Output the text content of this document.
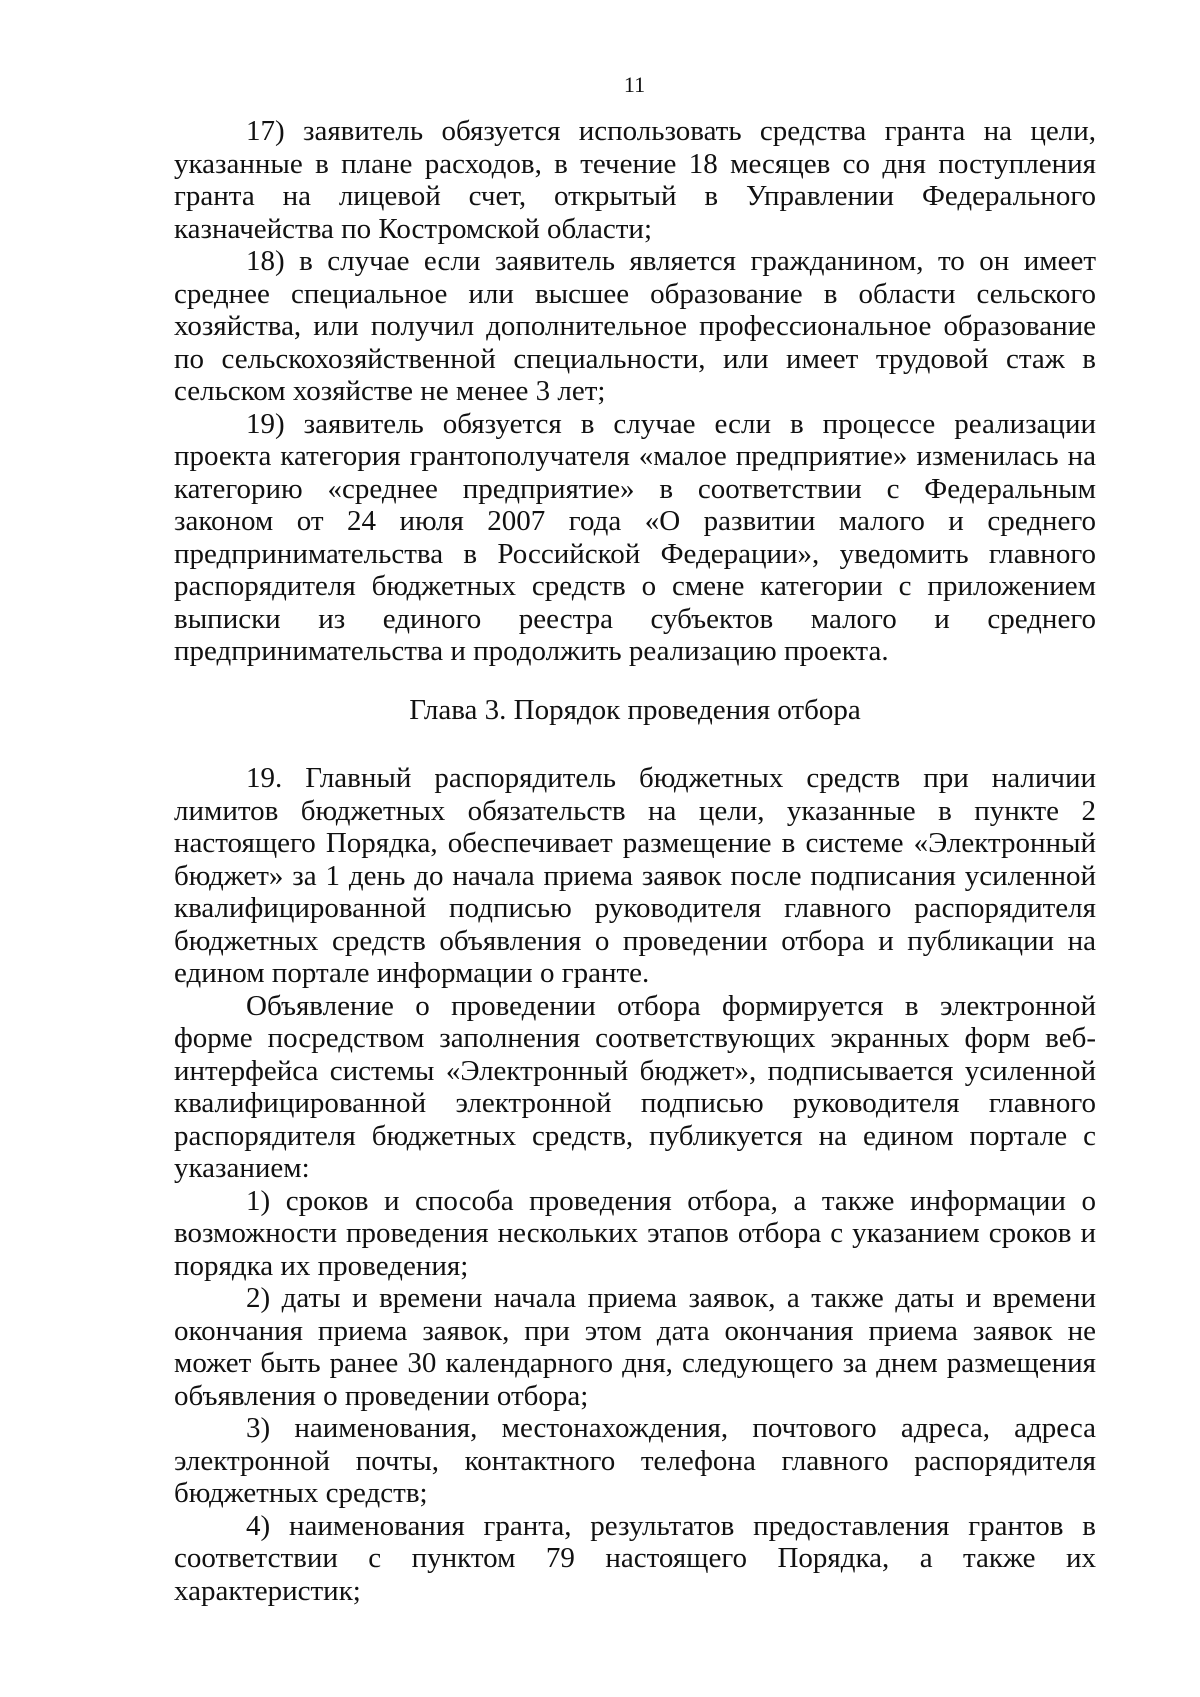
11

17) заявитель обязуется использовать средства гранта на цели, указанные в плане расходов, в течение 18 месяцев со дня поступления гранта на лицевой счет, открытый в Управлении Федерального казначейства по Костромской области;

18) в случае если заявитель является гражданином, то он имеет среднее специальное или высшее образование в области сельского хозяйства, или получил дополнительное профессиональное образование по сельскохозяйственной специальности, или имеет трудовой стаж в сельском хозяйстве не менее 3 лет;

19) заявитель обязуется в случае если в процессе реализации проекта категория грантополучателя «малое предприятие» изменилась на категорию «среднее предприятие» в соответствии с Федеральным законом от 24 июля 2007 года «О развитии малого и среднего предпринимательства в Российской Федерации», уведомить главного распорядителя бюджетных средств о смене категории с приложением выписки из единого реестра субъектов малого и среднего предпринимательства и продолжить реализацию проекта.

Глава 3. Порядок проведения отбора

19. Главный распорядитель бюджетных средств при наличии лимитов бюджетных обязательств на цели, указанные в пункте 2 настоящего Порядка, обеспечивает размещение в системе «Электронный бюджет» за 1 день до начала приема заявок после подписания усиленной квалифицированной подписью руководителя главного распорядителя бюджетных средств объявления о проведении отбора и публикации на едином портале информации о гранте.

Объявление о проведении отбора формируется в электронной форме посредством заполнения соответствующих экранных форм веб-интерфейса системы «Электронный бюджет», подписывается усиленной квалифицированной электронной подписью руководителя главного распорядителя бюджетных средств, публикуется на едином портале с указанием:

1) сроков и способа проведения отбора, а также информации о возможности проведения нескольких этапов отбора с указанием сроков и порядка их проведения;

2) даты и времени начала приема заявок, а также даты и времени окончания приема заявок, при этом дата окончания приема заявок не может быть ранее 30 календарного дня, следующего за днем размещения объявления о проведении отбора;

3) наименования, местонахождения, почтового адреса, адреса электронной почты, контактного телефона главного распорядителя бюджетных средств;

4) наименования гранта, результатов предоставления грантов в соответствии с пунктом 79 настоящего Порядка, а также их характеристик;
